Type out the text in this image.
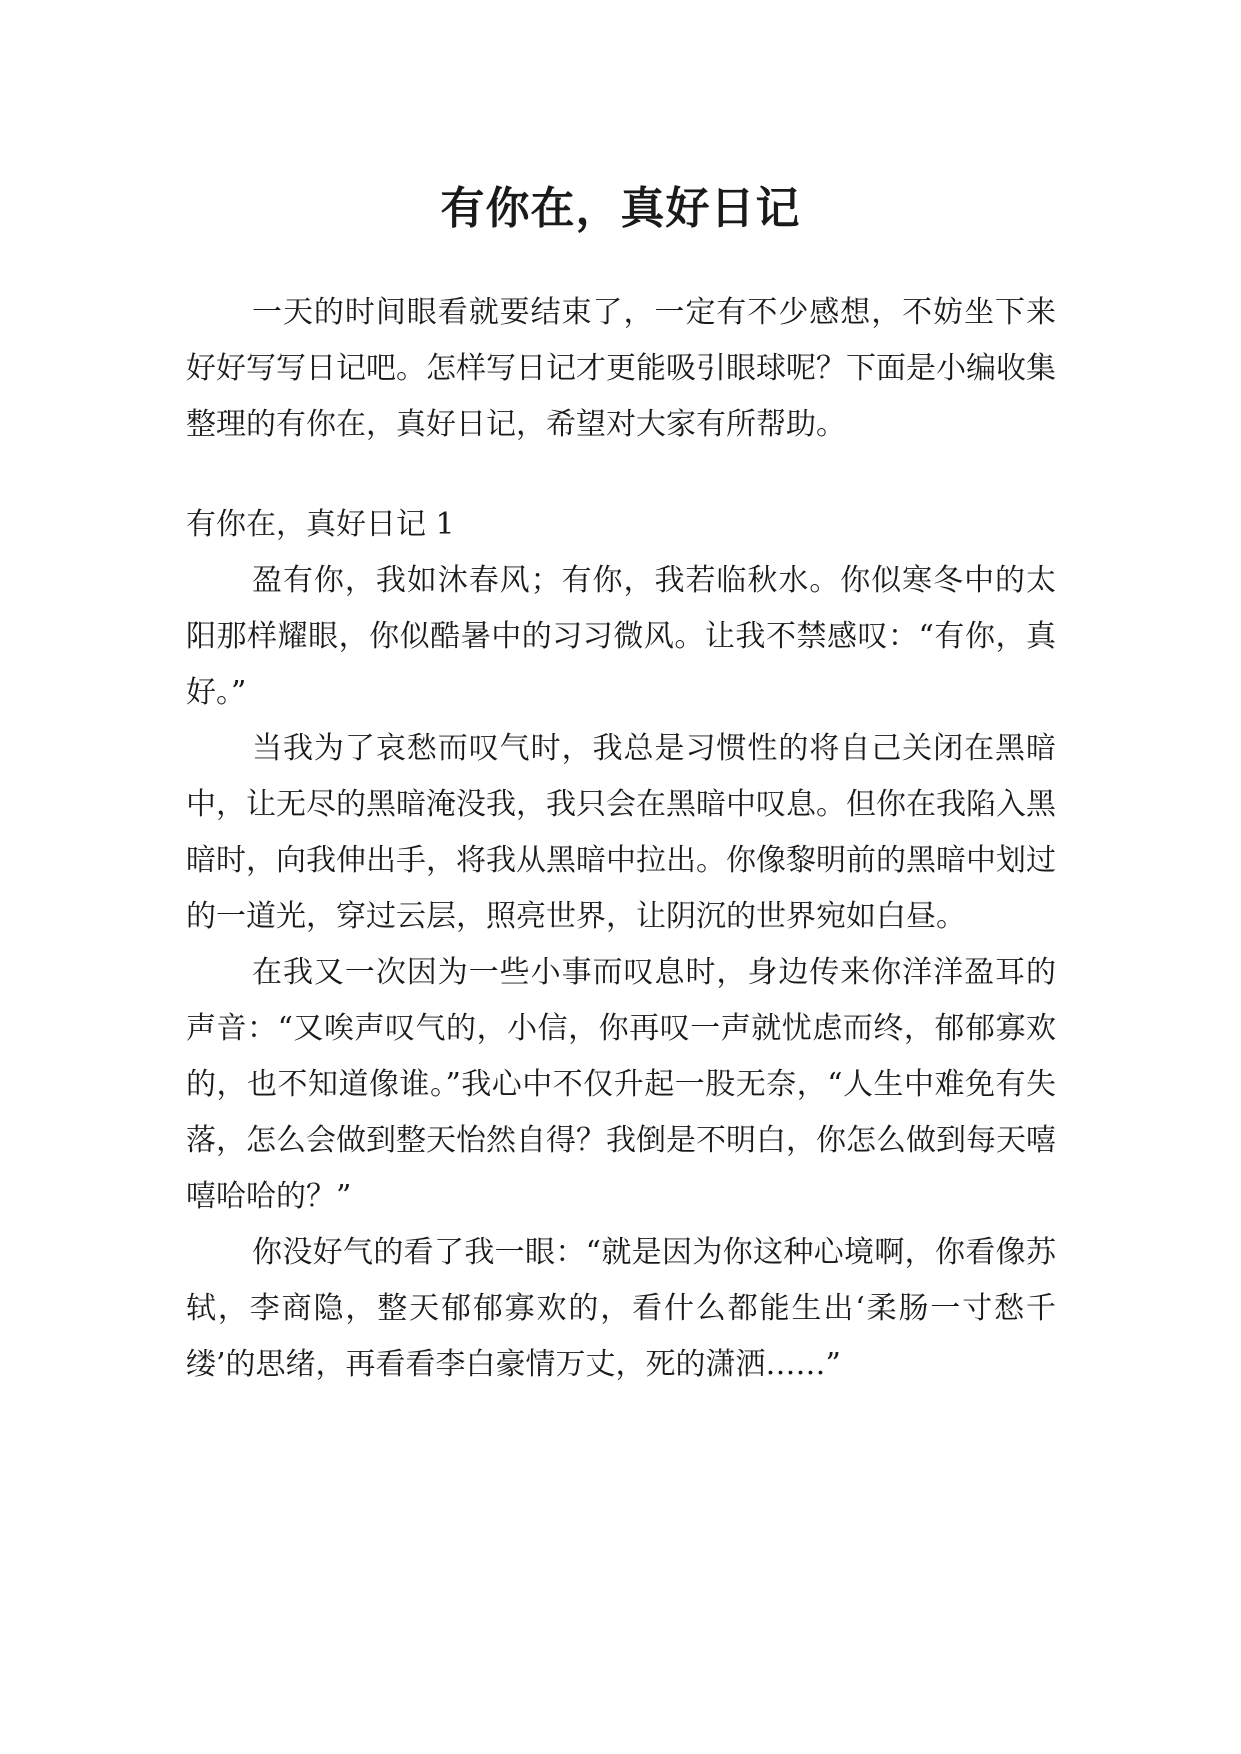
有你在，真好日记

一天的时间眼看就要结束了，一定有不少感想，不妨坐下来好好写写日记吧。怎样写日记才更能吸引眼球呢？下面是小编收集整理的有你在，真好日记，希望对大家有所帮助。

有你在，真好日记 1

盈有你，我如沐春风；有你，我若临秋水。你似寒冬中的太阳那样耀眼，你似酷暑中的习习微风。让我不禁感叹：“有你，真好。”

当我为了哀愁而叹气时，我总是习惯性的将自己关闭在黑暗中，让无尽的黑暗淹没我，我只会在黑暗中叹息。但你在我陷入黑暗时，向我伸出手，将我从黑暗中拉出。你像黎明前的黑暗中划过的一道光，穿过云层，照亮世界，让阴沉的世界宛如白昼。

在我又一次因为一些小事而叹息时，身边传来你洋洋盈耳的声音：“又唉声叹气的，小信，你再叹一声就忧虑而终，郁郁寡欢的，也不知道像谁。”我心中不仅升起一股无奈，“人生中难免有失落，怎么会做到整天怡然自得？我倒是不明白，你怎么做到每天嘻嘻哈哈的？”

你没好气的看了我一眼：“就是因为你这种心境啊，你看像苏轼，李商隐，整天郁郁寡欢的，看什么都能生出‘柔肠一寸愁千缕’的思绪，再看看李白豪情万丈，死的潇洒……”
